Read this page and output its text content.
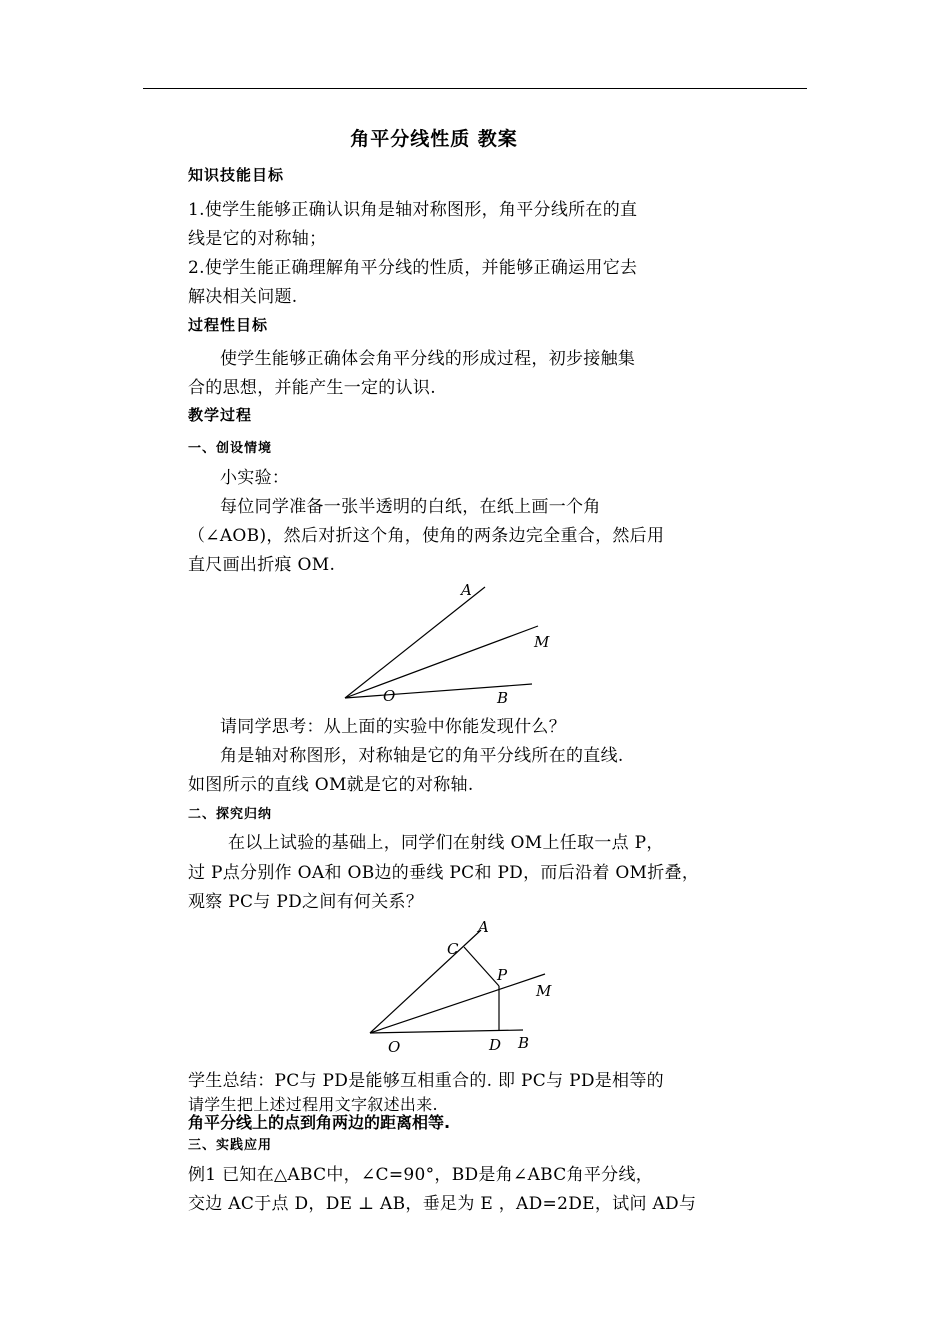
角平分线性质 教案
知识技能目标
1.使学生能够正确认识角是轴对称图形，角平分线所在的直
线是它的对称轴；
2.使学生能正确理解角平分线的性质，并能够正确运用它去
解决相关问题.
过程性目标
使学生能够正确体会角平分线的形成过程，初步接触集
合的思想，并能产生一定的认识.
教学过程
一、创设情境
小实验：
每位同学准备一张半透明的白纸，在纸上画一个角
（∠AOB)，然后对折这个角，使角的两条边完全重合，然后用
直尺画出折痕 OM.
A
M
O	B
请同学思考：从上面的实验中你能发现什么？
角是轴对称图形，对称轴是它的角平分线所在的直线.
如图所示的直线 OM就是它的对称轴.
二、探究归纳
在以上试验的基础上，同学们在射线 OM上任取一点 P，
过 P点分别作 OA和 OB边的垂线 PC和 PD，而后沿着 OM折叠，
观察 PC与 PD之间有何关系？
A
C
P
M
O	D B
学生总结：PC与 PD是能够互相重合的. 即 PC与 PD是相等的
请学生把上述过程用文字叙述出来.
角平分线上的点到角两边的距离相等.
三、实践应用
例1 已知在△ABC中，∠C=90°，BD是角∠ABC角平分线，
交边 AC于点 D，DE ⊥ AB，垂足为 E ，AD=2DE，试问 AD与
